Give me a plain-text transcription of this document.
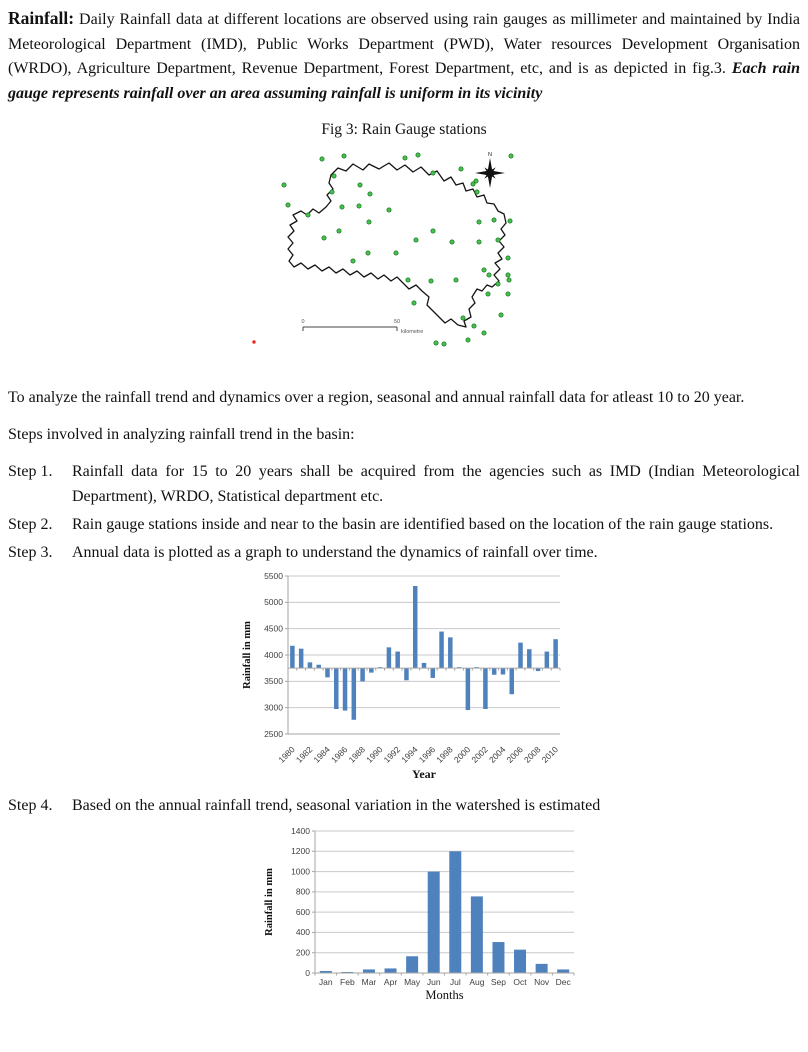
Rainfall: Daily Rainfall data at different locations are observed using rain gauges as millimeter and maintained by India Meteorological Department (IMD), Public Works Department (PWD), Water resources Development Organisation (WRDO), Agriculture Department, Revenue Department, Forest Department, etc, and is as depicted in fig.3. Each rain gauge represents rainfall over an area assuming rainfall is uniform in its vicinity

Fig 3: Rain Gauge stations
N
0	50
kilometre

To analyze the rainfall trend and dynamics over a region, seasonal and annual rainfall data for atleast 10 to 20 year.

Steps involved in analyzing rainfall trend in the basin:

Step 1. Rainfall data for 15 to 20 years shall be acquired from the agencies such as IMD (Indian Meteorological Department), WRDO, Statistical department etc.
Step 2. Rain gauge stations inside and near to the basin are identified based on the location of the rain gauge stations.
Step 3. Annual data is plotted as a graph to understand the dynamics of rainfall over time.
2500
3000
3500
4000
4500
5000
5500
1980
1982
1984
1986
1988
1990
1992
1994
1996
1998
2000
2002
2004
2006
2008
2010
Rainfall in mm
Year
Step 4. Based on the annual rainfall trend, seasonal variation in the watershed is estimated
0
200
400
600
800
1000
1200
1400
Jan Feb Mar Apr May Jun Jul Aug Sep Oct Nov Dec
Rainfall in mm
Months
